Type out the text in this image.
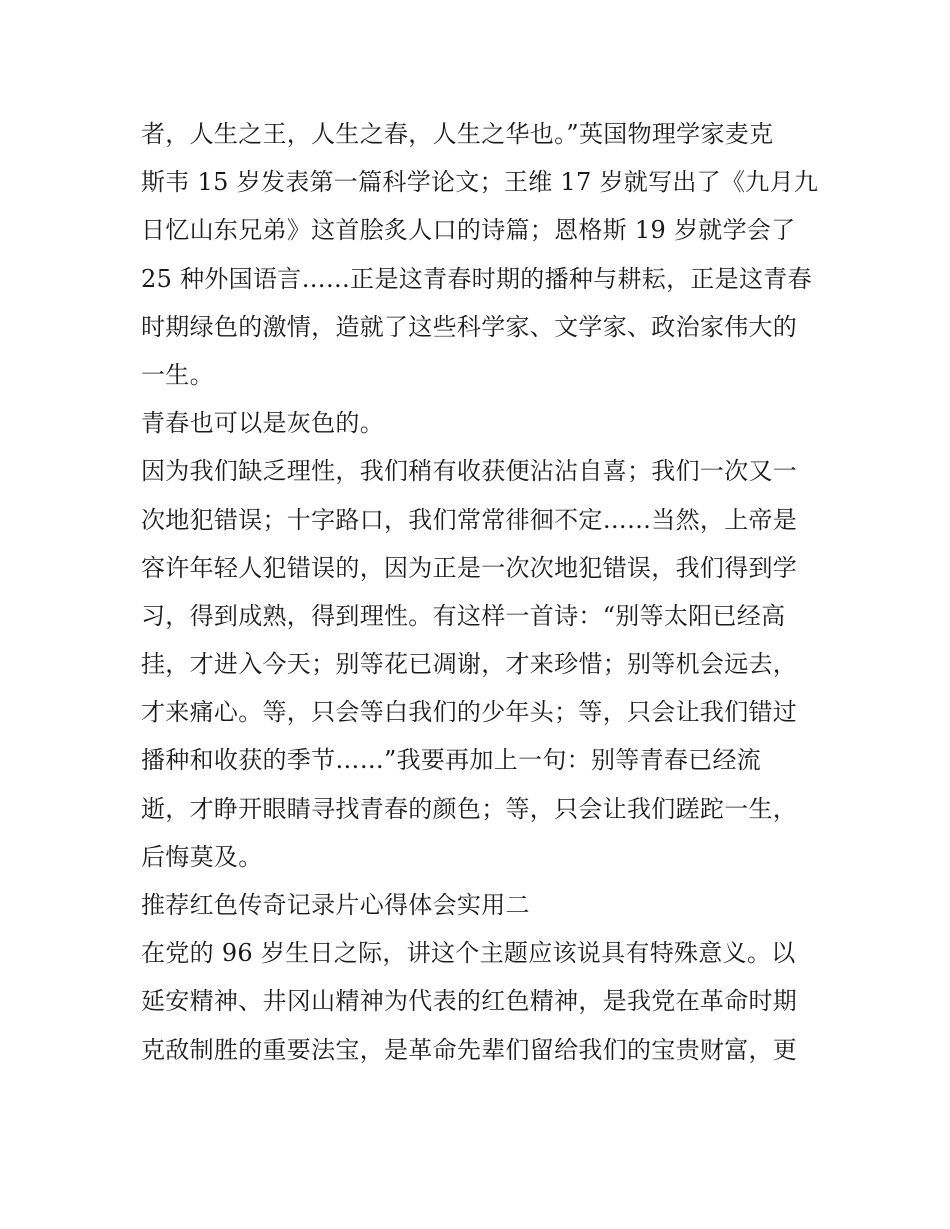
者，人生之王，人生之春，人生之华也。”英国物理学家麦克
斯韦 15 岁发表第一篇科学论文；王维 17 岁就写出了《九月九
日忆山东兄弟》这首脍炙人口的诗篇；恩格斯 19 岁就学会了
25 种外国语言……正是这青春时期的播种与耕耘，正是这青春
时期绿色的激情，造就了这些科学家、文学家、政治家伟大的
一生。
青春也可以是灰色的。
因为我们缺乏理性，我们稍有收获便沾沾自喜；我们一次又一
次地犯错误；十字路口，我们常常徘徊不定……当然，上帝是
容许年轻人犯错误的，因为正是一次次地犯错误，我们得到学
习，得到成熟，得到理性。有这样一首诗：“别等太阳已经高
挂，才进入今天；别等花已凋谢，才来珍惜；别等机会远去，
才来痛心。等，只会等白我们的少年头；等，只会让我们错过
播种和收获的季节……”我要再加上一句：别等青春已经流
逝，才睁开眼睛寻找青春的颜色；等，只会让我们蹉跎一生，
后悔莫及。
推荐红色传奇记录片心得体会实用二
在党的 96 岁生日之际，讲这个主题应该说具有特殊意义。以
延安精神、井冈山精神为代表的红色精神，是我党在革命时期
克敌制胜的重要法宝，是革命先辈们留给我们的宝贵财富，更
